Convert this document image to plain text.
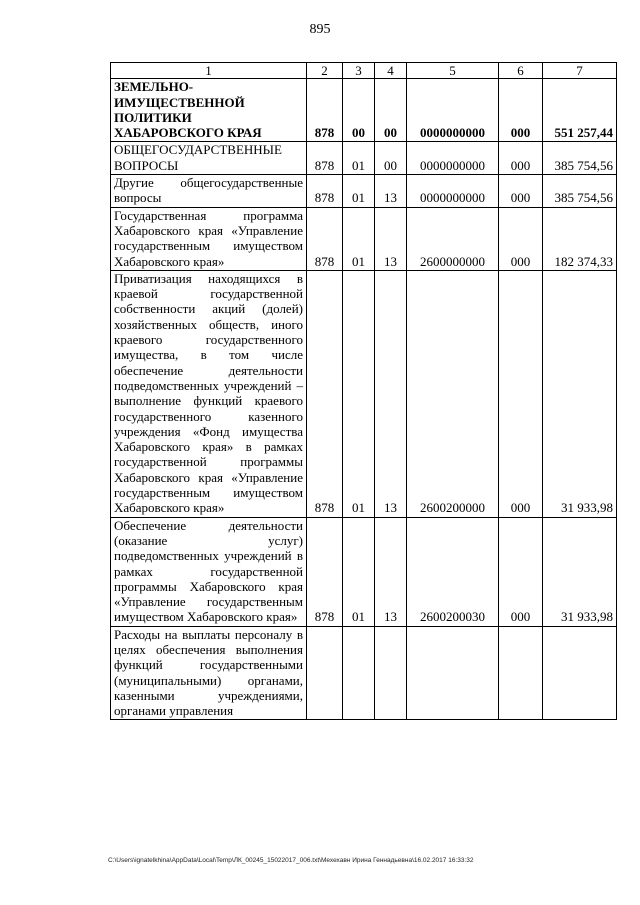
895
1	2	3	4	5	6	7
ЗЕМЕЛЬНО-ИМУЩЕСТВЕННОЙ ПОЛИТИКИ ХАБАРОВСКОГО КРАЯ	878	00	00	0000000000	000	551 257,44
ОБЩЕГОСУДАРСТВЕННЫЕ ВОПРОСЫ	878	01	00	0000000000	000	385 754,56
Другие общегосударственные вопросы	878	01	13	0000000000	000	385 754,56
Государственная программа Хабаровского края «Управление государственным имуществом Хабаровского края»	878	01	13	2600000000	000	182 374,33
Приватизация находящихся в краевой государственной собственности акций (долей) хозяйственных обществ, иного краевого государственного имущества, в том числе обеспечение деятельности подведомственных учреждений – выполнение функций краевого государственного казенного учреждения «Фонд имущества Хабаровского края» в рамках государственной программы Хабаровского края «Управление государственным имуществом Хабаровского края»	878	01	13	2600200000	000	31 933,98
Обеспечение деятельности (оказание услуг) подведомственных учреждений в рамках государственной программы Хабаровского края «Управление государственным имуществом Хабаровского края»	878	01	13	2600200030	000	31 933,98
Расходы на выплаты персоналу в целях обеспечения выполнения функций государственными (муниципальными) органами, казенными учреждениями, органами управления						
C:\Users\ignatelkhina\AppData\Local\Temp\ЛК_00245_15022017_006.txt\Мехехавн Ирина Геннадьевна\16.02.2017 16:33:32
